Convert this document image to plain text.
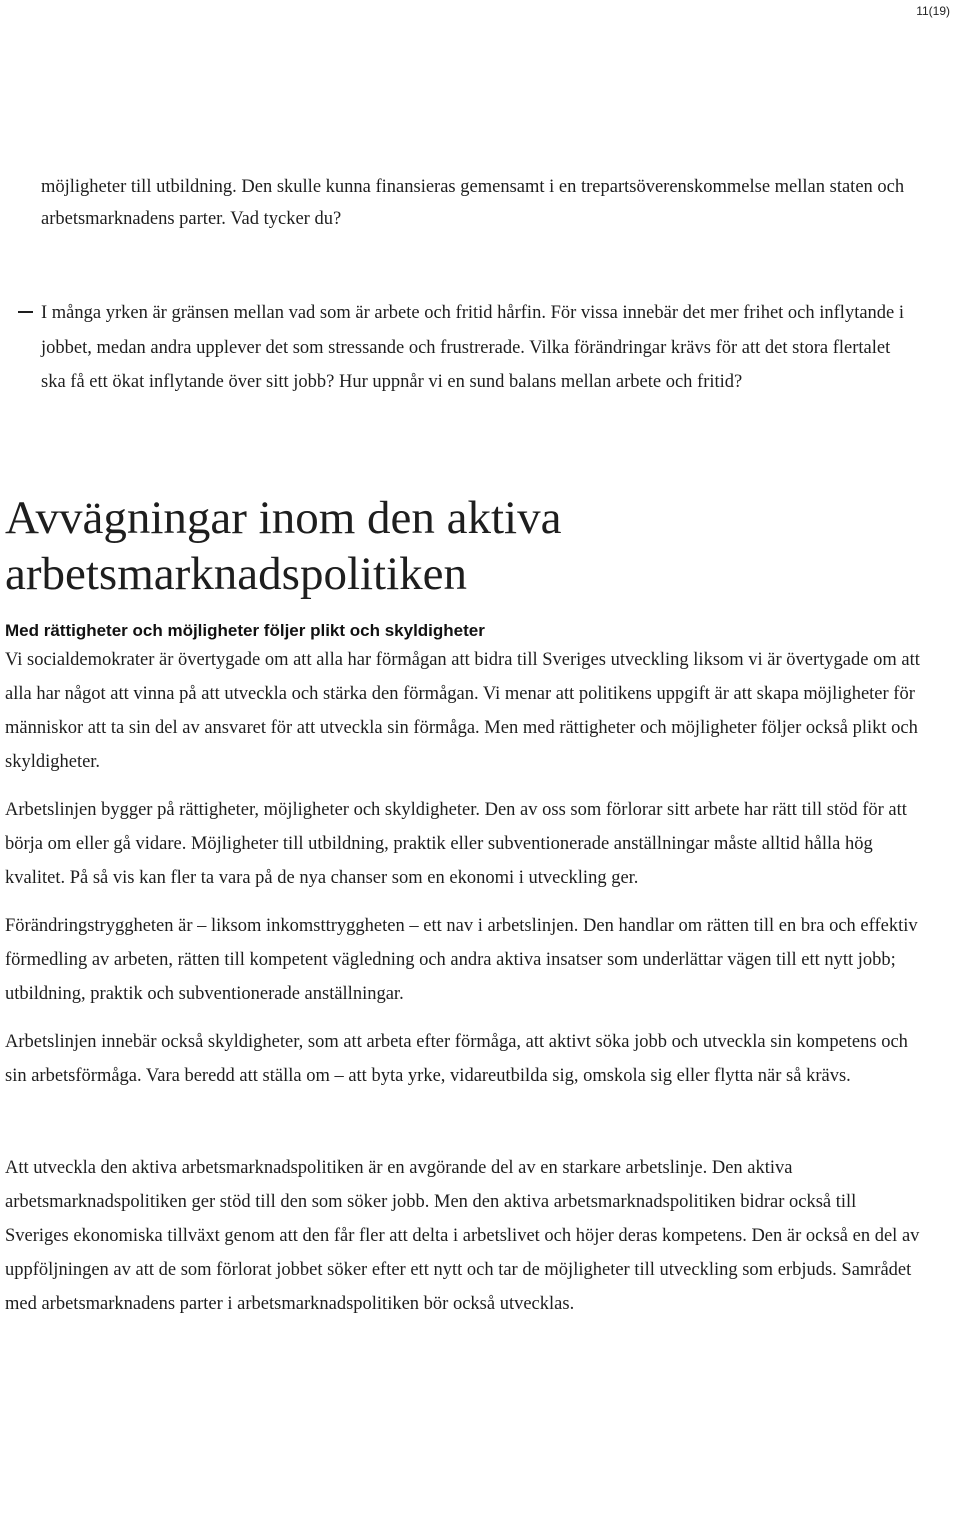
11(19)

möjligheter till utbildning. Den skulle kunna finansieras gemensamt i en trepartsöverenskommelse mellan staten och arbetsmarknadens parter. Vad tycker du?

I många yrken är gränsen mellan vad som är arbete och fritid hårfin. För vissa innebär det mer frihet och inflytande i jobbet, medan andra upplever det som stressande och frustrerade. Vilka förändringar krävs för att det stora flertalet ska få ett ökat inflytande över sitt jobb? Hur uppnår vi en sund balans mellan arbete och fritid?

Avvägningar inom den aktiva arbetsmarknadspolitiken
Med rättigheter och möjligheter följer plikt och skyldigheter

Vi socialdemokrater är övertygade om att alla har förmågan att bidra till Sveriges utveckling liksom vi är övertygade om att alla har något att vinna på att utveckla och stärka den förmågan. Vi menar att politikens uppgift är att skapa möjligheter för människor att ta sin del av ansvaret för att utveckla sin förmåga. Men med rättigheter och möjligheter följer också plikt och skyldigheter.

Arbetslinjen bygger på rättigheter, möjligheter och skyldigheter. Den av oss som förlorar sitt arbete har rätt till stöd för att börja om eller gå vidare. Möjligheter till utbildning, praktik eller subventionerade anställningar måste alltid hålla hög kvalitet. På så vis kan fler ta vara på de nya chanser som en ekonomi i utveckling ger.

Förändringstryggheten är – liksom inkomsttryggheten – ett nav i arbetslinjen. Den handlar om rätten till en bra och effektiv förmedling av arbeten, rätten till kompetent vägledning och andra aktiva insatser som underlättar vägen till ett nytt jobb; utbildning, praktik och subventionerade anställningar.

Arbetslinjen innebär också skyldigheter, som att arbeta efter förmåga, att aktivt söka jobb och utveckla sin kompetens och sin arbetsförmåga. Vara beredd att ställa om – att byta yrke, vidareutbilda sig, omskola sig eller flytta när så krävs.

Att utveckla den aktiva arbetsmarknadspolitiken är en avgörande del av en starkare arbetslinje. Den aktiva arbetsmarknadspolitiken ger stöd till den som söker jobb. Men den aktiva arbetsmarknadspolitiken bidrar också till Sveriges ekonomiska tillväxt genom att den får fler att delta i arbetslivet och höjer deras kompetens. Den är också en del av uppföljningen av att de som förlorat jobbet söker efter ett nytt och tar de möjligheter till utveckling som erbjuds. Samrådet med arbetsmarknadens parter i arbetsmarknadspolitiken bör också utvecklas.
